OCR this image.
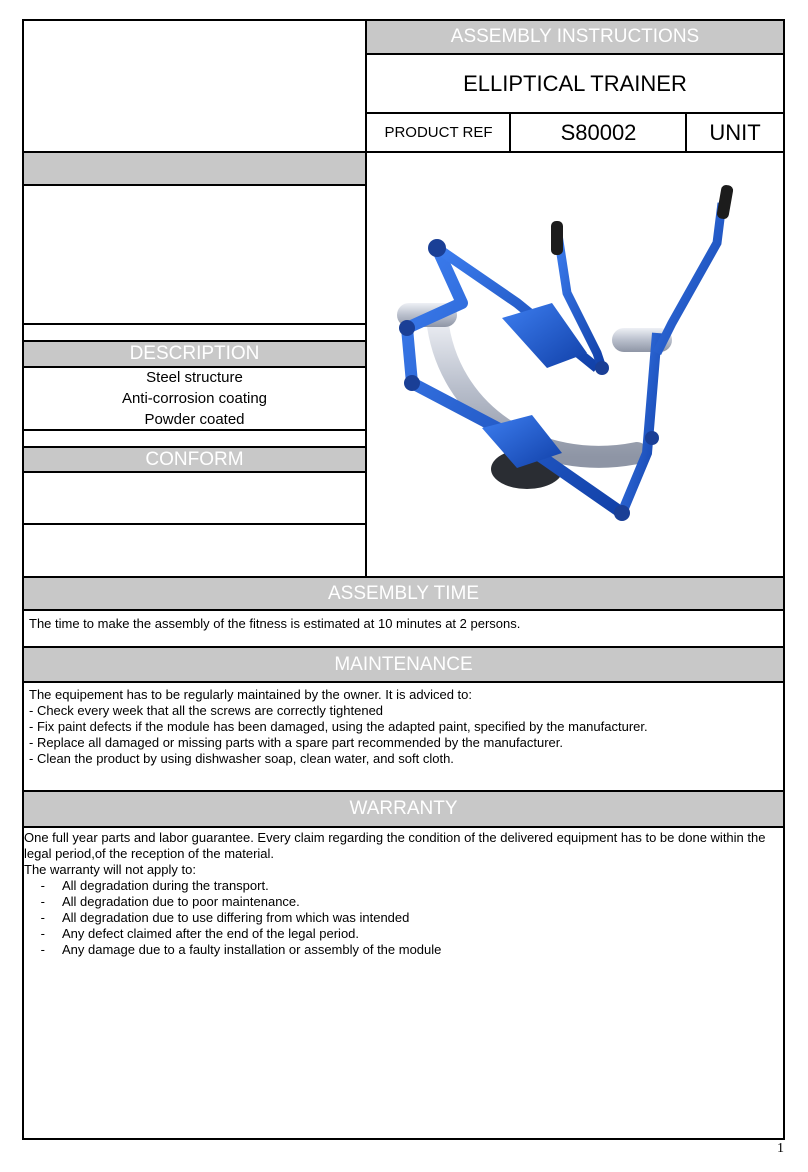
ASSEMBLY INSTRUCTIONS
ELLIPTICAL TRAINER
PRODUCT REF	S80002	UNIT
DESCRIPTION
Steel structure
Anti-corrosion coating
Powder coated
CONFORM
ASSEMBLY TIME
The time to make the assembly of the fitness is estimated at 10 minutes at 2 persons.
MAINTENANCE
The equipement has to be regularly maintained by the owner. It is adviced to:
- Check every week that all the screws are correctly tightened
- Fix paint defects if the module has been damaged, using the adapted paint, specified by the manufacturer.
- Replace all damaged or missing parts with a spare part recommended by the manufacturer.
- Clean the product by using dishwasher soap, clean water, and soft cloth.
WARRANTY
One full year parts and labor guarantee. Every claim regarding the condition of the delivered equipment has to be done within the legal period,of the reception of the material.
The warranty will not apply to:
-	All degradation during the transport.
-	All degradation due to poor maintenance.
-	All degradation due to use differing from which was intended
-	Any defect claimed after the end of the legal period.
-	Any damage due to a faulty installation or assembly of the module
1
